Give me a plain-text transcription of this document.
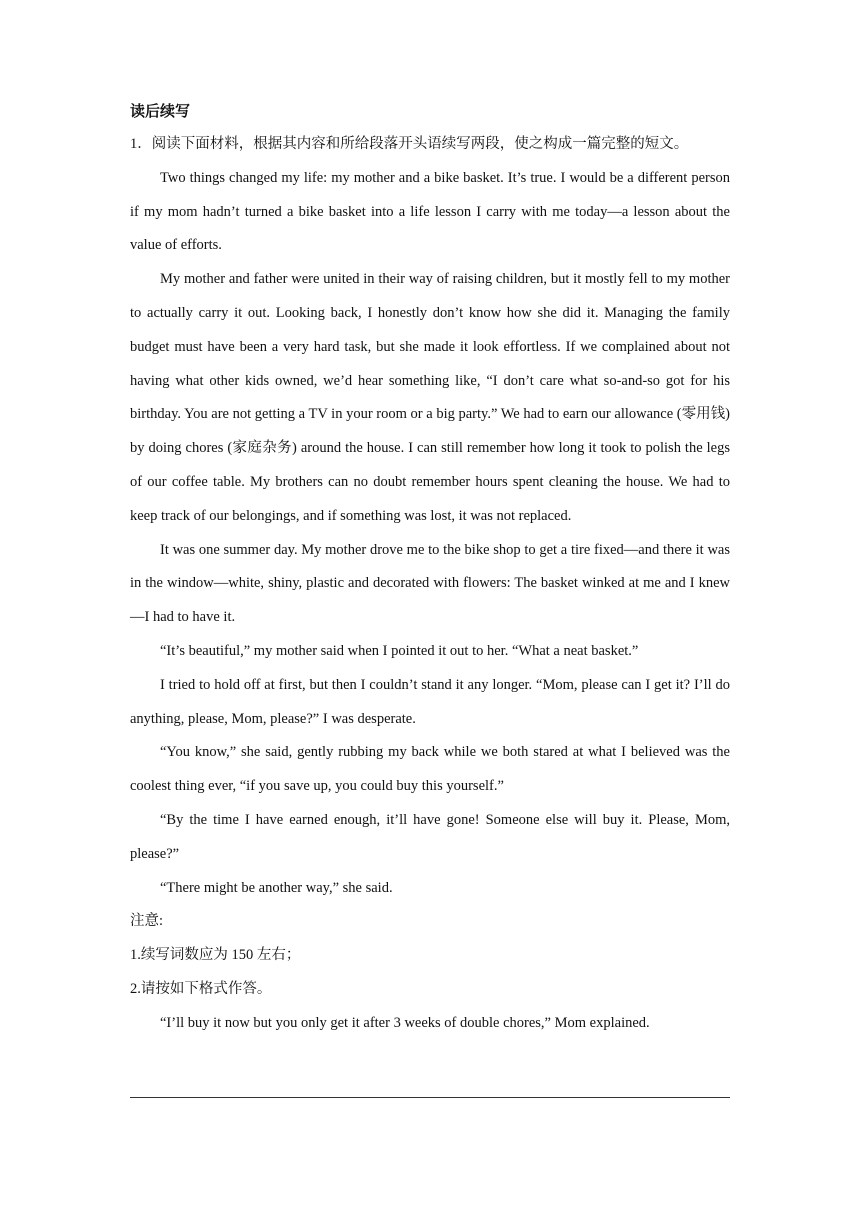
读后续写

1．阅读下面材料，根据其内容和所给段落开头语续写两段，使之构成一篇完整的短文。

Two things changed my life: my mother and a bike basket. It’s true. I would be a different person if my mom hadn’t turned a bike basket into a life lesson I carry with me today—a lesson about the value of efforts.

My mother and father were united in their way of raising children, but it mostly fell to my mother to actually carry it out. Looking back, I honestly don’t know how she did it. Managing the family budget must have been a very hard task, but she made it look effortless. If we complained about not having what other kids owned, we’d hear something like, “I don’t care what so-and-so got for his birthday. You are not getting a TV in your room or a big party.” We had to earn our allowance (零用钱) by doing chores (家庭杂务) around the house. I can still remember how long it took to polish the legs of our coffee table. My brothers can no doubt remember hours spent cleaning the house. We had to keep track of our belongings, and if something was lost, it was not replaced.

It was one summer day. My mother drove me to the bike shop to get a tire fixed—and there it was in the window—white, shiny, plastic and decorated with flowers: The basket winked at me and I knew—I had to have it.

“It’s beautiful,” my mother said when I pointed it out to her. “What a neat basket.”

I tried to hold off at first, but then I couldn’t stand it any longer. “Mom, please can I get it? I’ll do anything, please, Mom, please?” I was desperate.

“You know,” she said, gently rubbing my back while we both stared at what I believed was the coolest thing ever, “if you save up, you could buy this yourself.”

“By the time I have earned enough, it’ll have gone! Someone else will buy it. Please, Mom, please?”

“There might be another way,” she said.

注意:

1.续写词数应为 150 左右；

2.请按如下格式作答。

“I’ll buy it now but you only get it after 3 weeks of double chores,” Mom explained.
